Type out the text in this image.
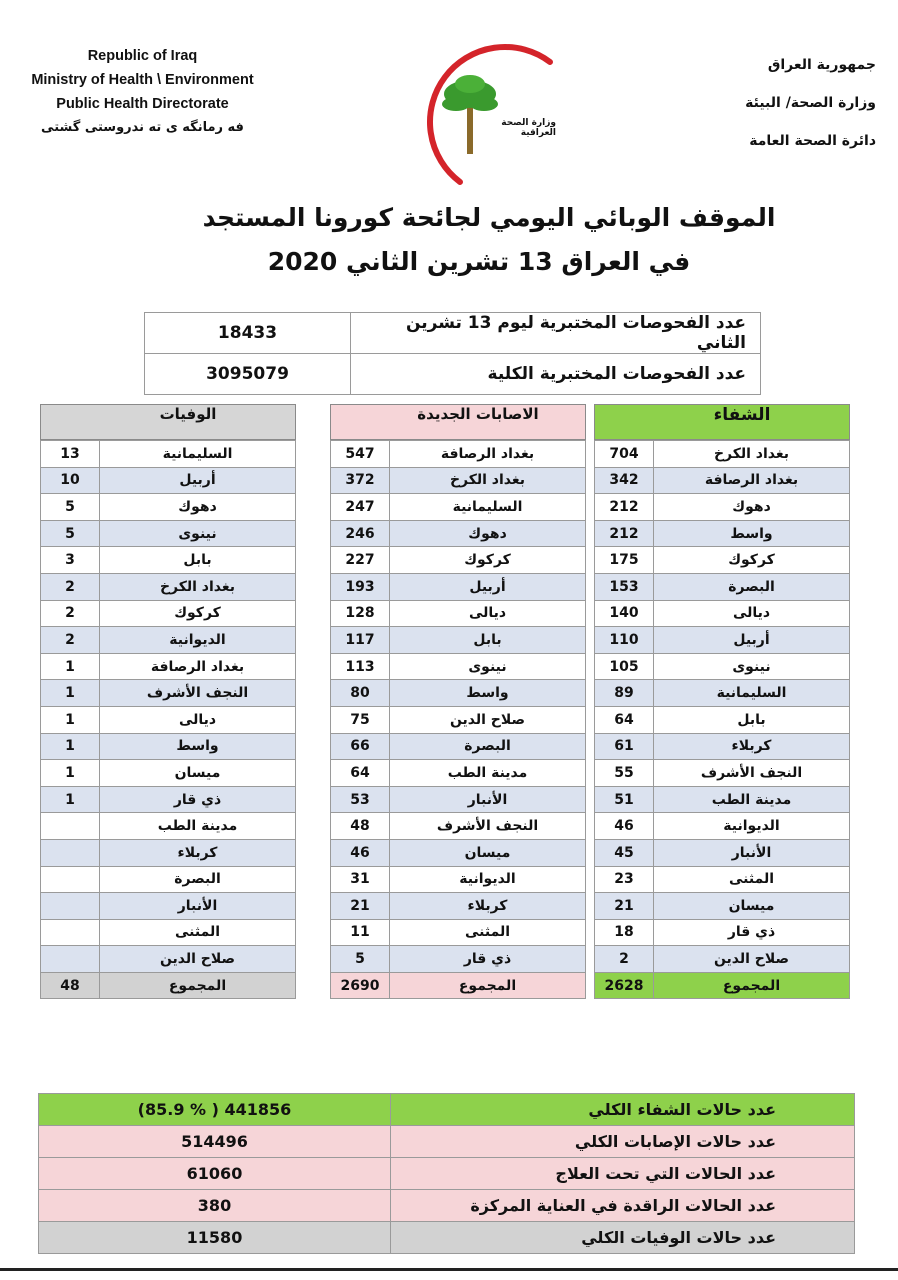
Republic of Iraq
Ministry of Health \ Environment
Public Health Directorate
فه رمانگه ی ته ندروستی گشتی	وزارة الصحة العراقية
جمهورية العراق
وزارة الصحة/ البيئة
دائرة الصحة العامة
الموقف الوبائي اليومي لجائحة كورونا المستجد
في العراق 13 تشرين الثاني 2020
18433	عدد الفحوصات المختبرية ليوم 13 تشرين الثاني
3095079	عدد الفحوصات المختبرية الكلية
الشفاء
704	بغداد الكرخ
342	بغداد الرصافة
212	دهوك
212	واسط
175	كركوك
153	البصرة
140	ديالى
110	أربيل
105	نينوى
89	السليمانية
64	بابل
61	كربلاء
55	النجف الأشرف
51	مدينة الطب
46	الديوانية
45	الأنبار
23	المثنى
21	ميسان
18	ذي قار
2	صلاح الدين
2628	المجموع
الاصابات الجديدة
547	بغداد الرصافة
372	بغداد الكرخ
247	السليمانية
246	دهوك
227	كركوك
193	أربيل
128	ديالى
117	بابل
113	نينوى
80	واسط
75	صلاح الدين
66	البصرة
64	مدينة الطب
53	الأنبار
48	النجف الأشرف
46	ميسان
31	الديوانية
21	كربلاء
11	المثنى
5	ذي قار
2690	المجموع
الوفيات
13	السليمانية
10	أربيل
5	دهوك
5	نينوى
3	بابل
2	بغداد الكرخ
2	كركوك
2	الديوانية
1	بغداد الرصافة
1	النجف الأشرف
1	ديالى
1	واسط
1	ميسان
1	ذي قار
	مدينة الطب
	كربلاء
	البصرة
	الأنبار
	المثنى
	صلاح الدين
48	المجموع
(85.9 % ) 441856	عدد حالات الشفاء الكلي
514496	عدد حالات الإصابات الكلي
61060	عدد الحالات التي تحت العلاج
380	عدد الحالات الراقدة في العناية المركزة
11580	عدد حالات الوفيات الكلي
